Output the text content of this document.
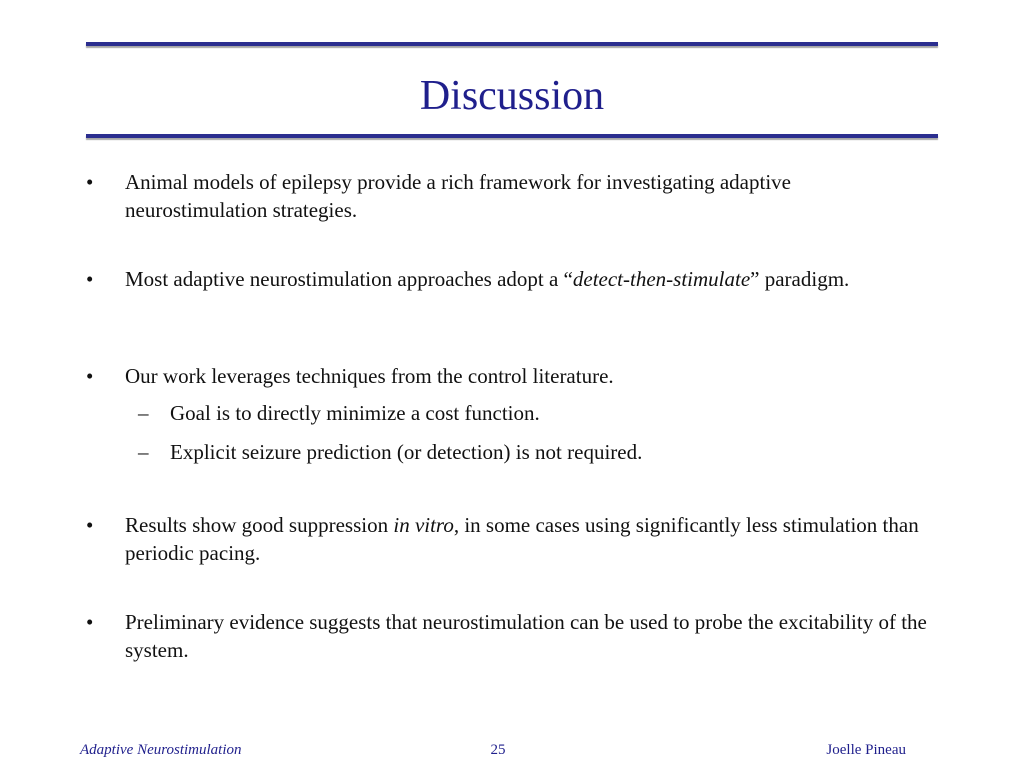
Discussion
•	Animal models of epilepsy provide a rich framework for investigating adaptive neurostimulation strategies.
•	Most adaptive neurostimulation approaches adopt a “detect-then-stimulate” paradigm.
•	Our work leverages techniques from the control literature.
– Goal is to directly minimize a cost function.
– Explicit seizure prediction (or detection) is not required.
•	Results show good suppression in vitro, in some cases using significantly less stimulation than periodic pacing.
•	Preliminary evidence suggests that neurostimulation can be used to probe the excitability of the system.
Adaptive Neurostimulation	25	Joelle Pineau
